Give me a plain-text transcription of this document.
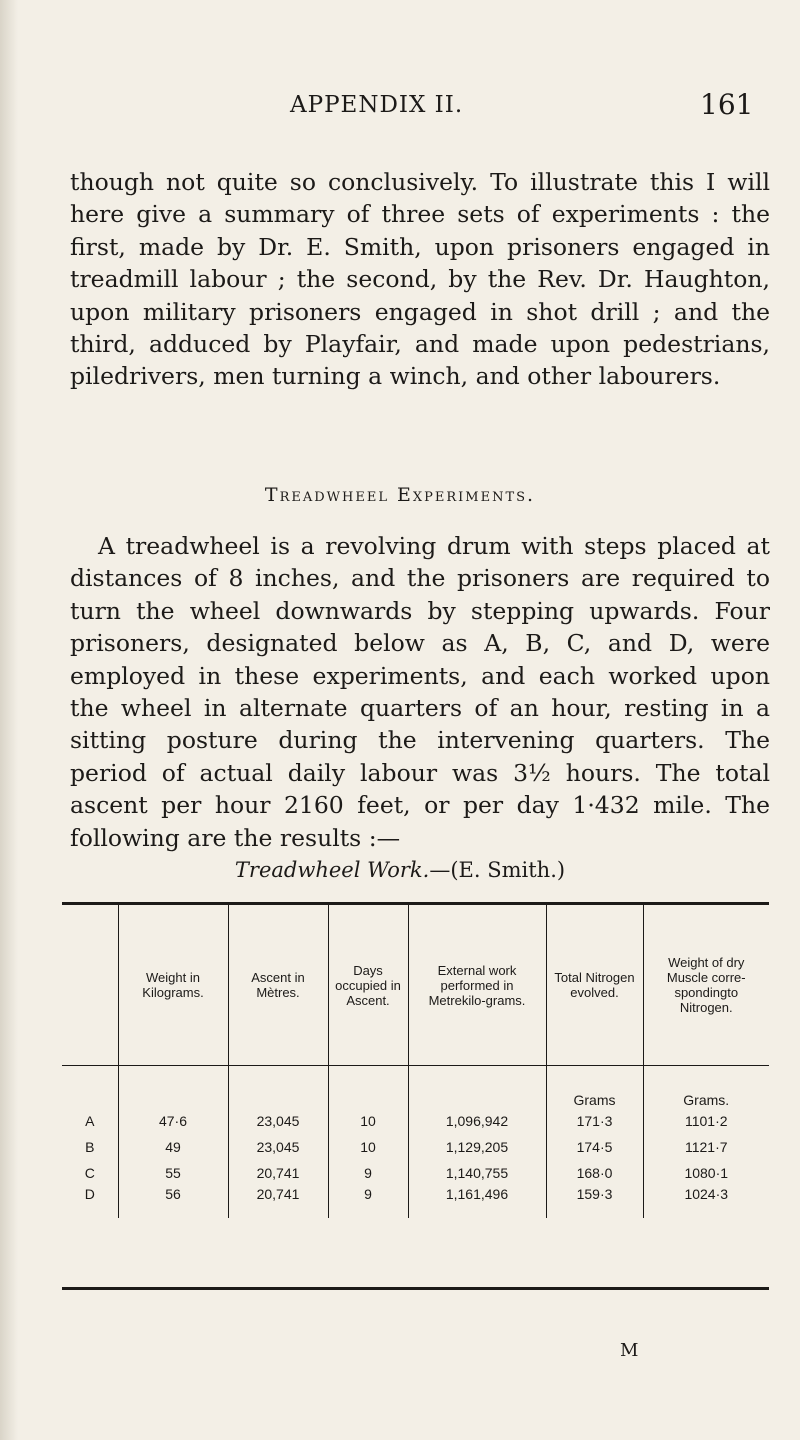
APPENDIX II.	161

though not quite so conclusively. To illustrate this I will here give a summary of three sets of experiments : the first, made by Dr. E. Smith, upon prisoners engaged in treadmill labour ; the second, by the Rev. Dr. Haughton, upon military prisoners engaged in shot drill ; and the third, adduced by Playfair, and made upon pedestrians, piledrivers, men turning a winch, and other labourers.

Treadwheel Experiments.

A treadwheel is a revolving drum with steps placed at distances of 8 inches, and the prisoners are required to turn the wheel downwards by stepping upwards. Four prisoners, designated below as A, B, C, and D, were employed in these experiments, and each worked upon the wheel in alternate quarters of an hour, resting in a sitting posture during the intervening quarters. The period of actual daily labour was 3½ hours. The total ascent per hour 2160 feet, or per day 1·432 mile. The following are the results :—

Treadwheel Work.—(E. Smith.)
	Weight in Kilograms.	Ascent in Mètres.	Days occupied in Ascent.	External work performed in Metrekilo-grams.	Total Nitrogen evolved.	Weight of dry Muscle corre-spondingto Nitrogen.
					Grams	Grams.
A	47·6	23,045	10	1,096,942	171·3	1101·2
B	49	23,045	10	1,129,205	174·5	1121·7
C	55	20,741	9	1,140,755	168·0	1080·1
D	56	20,741	9	1,161,496	159·3	1024·3
M
